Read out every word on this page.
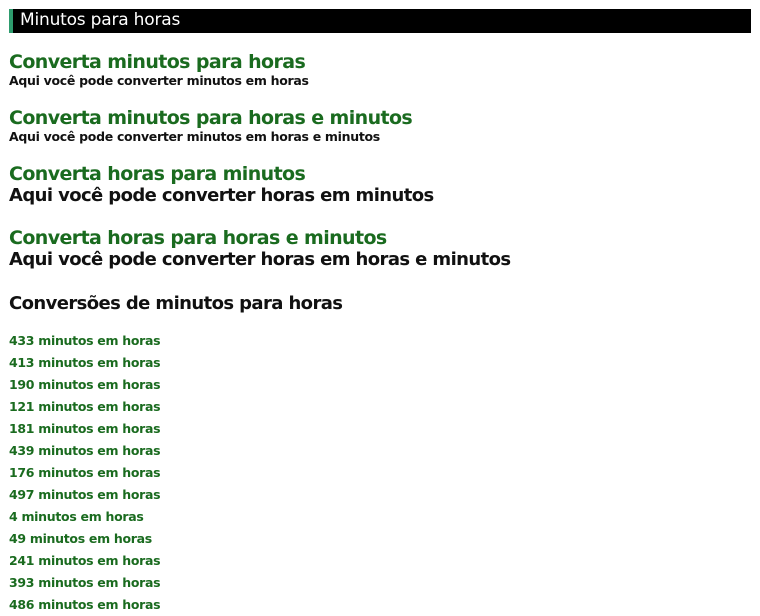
Minutos para horas
Converta minutos para horas
Aqui você pode converter minutos em horas
Converta minutos para horas e minutos
Aqui você pode converter minutos em horas e minutos
Converta horas para minutos
Aqui você pode converter horas em minutos
Converta horas para horas e minutos
Aqui você pode converter horas em horas e minutos
Conversões de minutos para horas
433 minutos em horas
413 minutos em horas
190 minutos em horas
121 minutos em horas
181 minutos em horas
439 minutos em horas
176 minutos em horas
497 minutos em horas
4 minutos em horas
49 minutos em horas
241 minutos em horas
393 minutos em horas
486 minutos em horas
